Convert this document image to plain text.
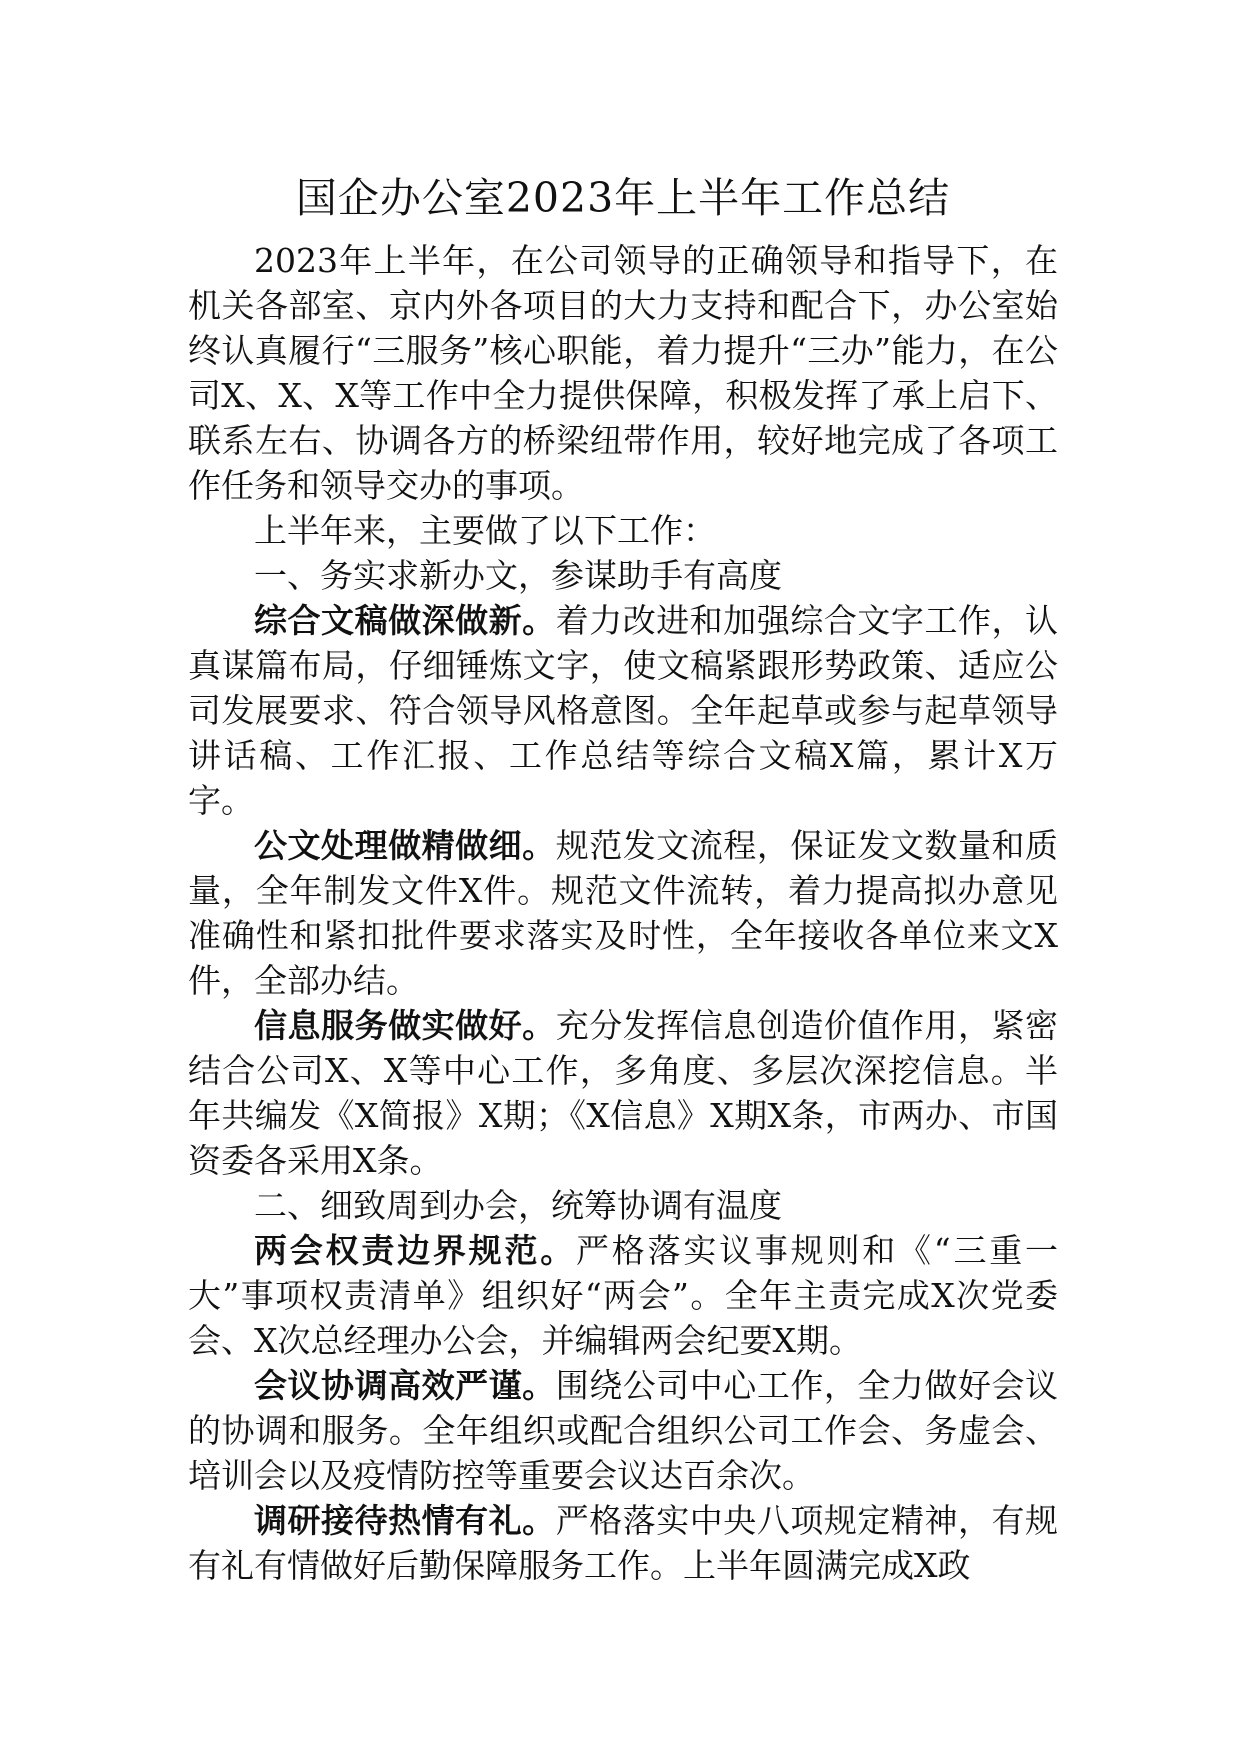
国企办公室2023年上半年工作总结

2023年上半年，在公司领导的正确领导和指导下，在机关各部室、京内外各项目的大力支持和配合下，办公室始终认真履行“三服务”核心职能，着力提升“三办”能力，在公司X、X、X等工作中全力提供保障，积极发挥了承上启下、联系左右、协调各方的桥梁纽带作用，较好地完成了各项工作任务和领导交办的事项。

上半年来，主要做了以下工作：

一、务实求新办文，参谋助手有高度

综合文稿做深做新。着力改进和加强综合文字工作，认真谋篇布局，仔细锤炼文字，使文稿紧跟形势政策、适应公司发展要求、符合领导风格意图。全年起草或参与起草领导讲话稿、工作汇报、工作总结等综合文稿X篇，累计X万字。

公文处理做精做细。规范发文流程，保证发文数量和质量，全年制发文件X件。规范文件流转，着力提高拟办意见准确性和紧扣批件要求落实及时性，全年接收各单位来文X件，全部办结。

信息服务做实做好。充分发挥信息创造价值作用，紧密结合公司X、X等中心工作，多角度、多层次深挖信息。半年共编发《X简报》X期；《X信息》X期X条，市两办、市国资委各采用X条。

二、细致周到办会，统筹协调有温度

两会权责边界规范。严格落实议事规则和《“三重一大”事项权责清单》组织好“两会”。全年主责完成X次党委会、X次总经理办公会，并编辑两会纪要X期。

会议协调高效严谨。围绕公司中心工作，全力做好会议的协调和服务。全年组织或配合组织公司工作会、务虚会、培训会以及疫情防控等重要会议达百余次。

调研接待热情有礼。严格落实中央八项规定精神，有规有礼有情做好后勤保障服务工作。上半年圆满完成X政
